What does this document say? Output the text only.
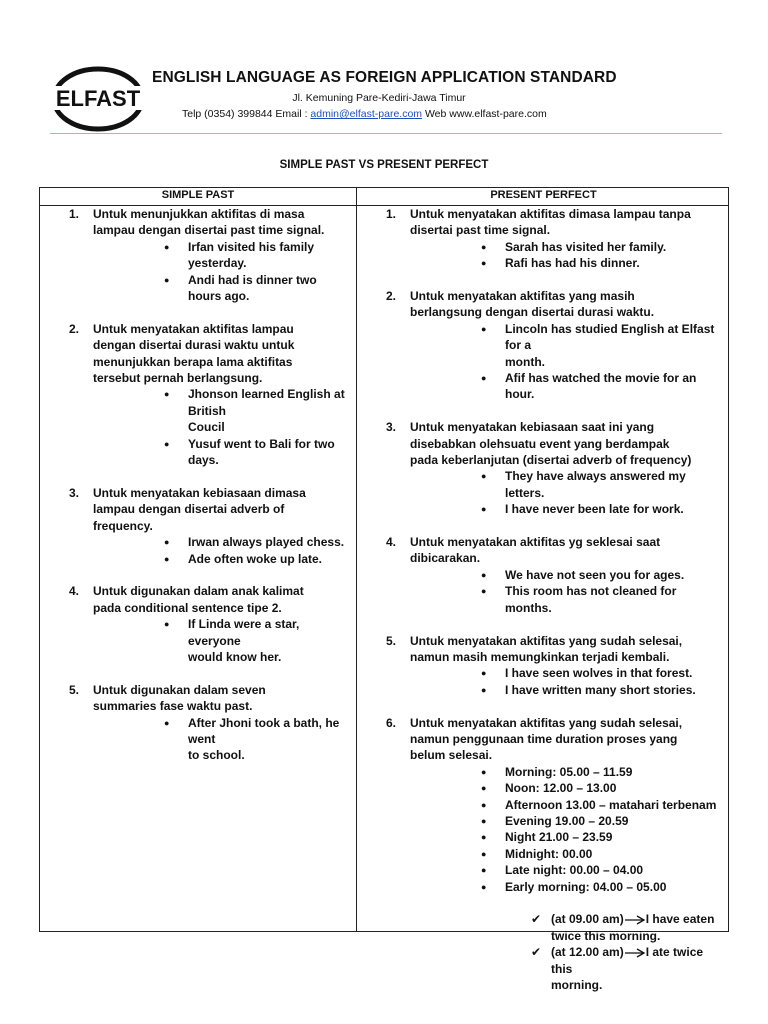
ELFAST
ENGLISH LANGUAGE AS FOREIGN APPLICATION STANDARD
Jl. Kemuning Pare-Kediri-Jawa Timur
Telp (0354) 399844 Email : admin@elfast-pare.com Web www.elfast-pare.com
SIMPLE PAST VS PRESENT PERFECT
SIMPLE PAST	PRESENT PERFECT
1. Untuk menunjukkan aktifitas di masa
lampau dengan disertai past time signal.
● Irfan visited his family yesterday.
● Andi had is dinner two hours ago.
2. Untuk menyatakan aktifitas lampau
dengan disertai durasi waktu untuk
menunjukkan berapa lama aktifitas
tersebut pernah berlangsung.
● Jhonson learned English at British
Coucil
● Yusuf went to Bali for two days.
3. Untuk menyatakan kebiasaan dimasa
lampau dengan disertai adverb of
frequency.
● Irwan always played chess.
● Ade often woke up late.
4. Untuk digunakan dalam anak kalimat
pada conditional sentence tipe 2.
● If Linda were a star, everyone
would know her.
5. Untuk digunakan dalam seven
summaries fase waktu past.
● After Jhoni took a bath, he went
to school.
1. Untuk menyatakan aktifitas dimasa lampau tanpa
disertai past time signal.
● Sarah has visited her family.
● Rafi has had his dinner.
2. Untuk menyatakan aktifitas yang masih
berlangsung dengan disertai durasi waktu.
● Lincoln has studied English at Elfast for a
month.
● Afif has watched the movie for an hour.
3. Untuk menyatakan kebiasaan saat ini yang
disebabkan olehsuatu event yang berdampak
pada keberlanjutan (disertai adverb of frequency)
● They have always answered my letters.
● I have never been late for work.
4. Untuk menyatakan aktifitas yg seklesai saat
dibicarakan.
● We have not seen you for ages.
● This room has not cleaned for months.
5. Untuk menyatakan aktifitas yang sudah selesai,
namun masih memungkinkan terjadi kembali.
● I have seen wolves in that forest.
● I have written many short stories.
6. Untuk menyatakan aktifitas yang sudah selesai,
namun penggunaan time duration proses yang
belum selesai.
● Morning: 05.00 – 11.59
● Noon: 12.00 – 13.00
● Afternoon 13.00 – matahari terbenam
● Evening 19.00 – 20.59
● Night 21.00 – 23.59
● Midnight: 00.00
● Late night: 00.00 – 04.00
● Early morning: 04.00 – 05.00
✔ (at 09.00 am) I have eaten
twice this morning.
✔ (at 12.00 am) I ate twice this
morning.
